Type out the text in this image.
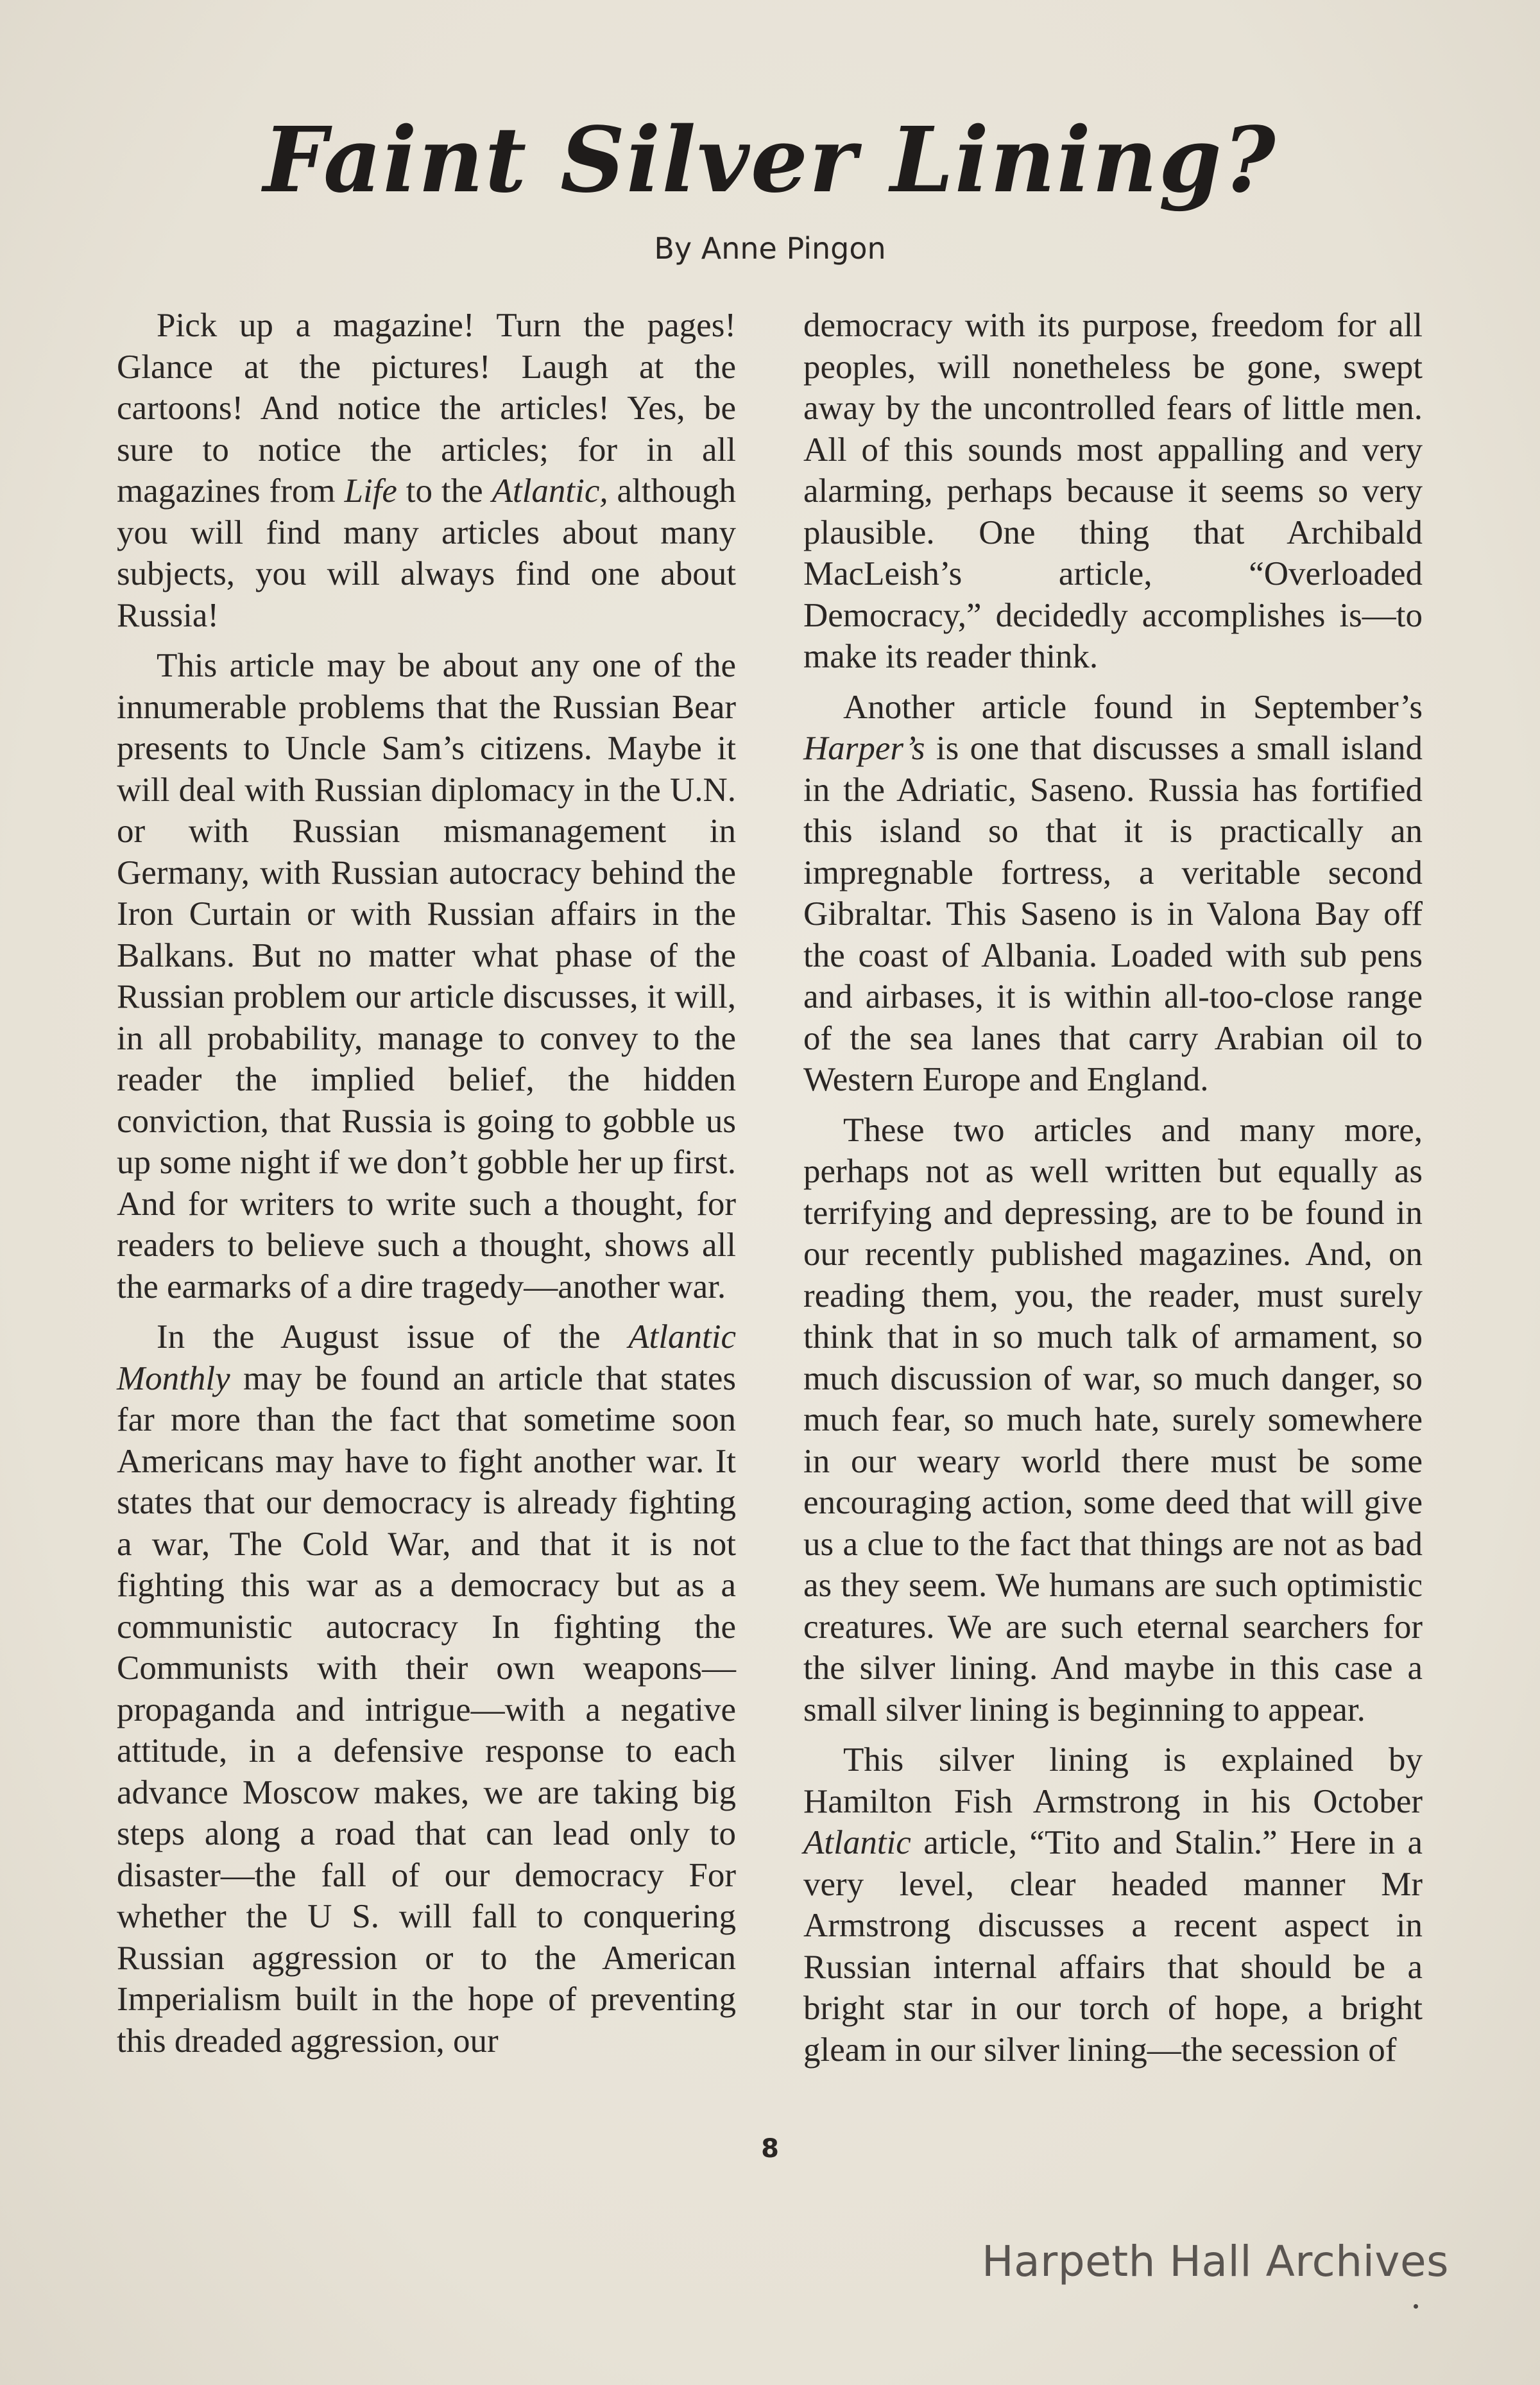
Faint Silver Lining?
By Anne Pingon

Pick up a magazine! Turn the pages! Glance at the pictures! Laugh at the cartoons! And notice the articles! Yes, be sure to notice the articles; for in all magazines from Life to the Atlantic, although you will find many articles about many subjects, you will always find one about Russia!

This article may be about any one of the innumerable problems that the Russian Bear presents to Uncle Sam’s citizens. Maybe it will deal with Russian diplomacy in the U.N. or with Russian mismanagement in Germany, with Russian autocracy behind the Iron Curtain or with Russian affairs in the Balkans. But no matter what phase of the Russian problem our article discusses, it will, in all probability, manage to convey to the reader the implied belief, the hidden conviction, that Russia is going to gobble us up some night if we don’t gobble her up first. And for writers to write such a thought, for readers to believe such a thought, shows all the earmarks of a dire tragedy—another war.

In the August issue of the Atlantic Monthly may be found an article that states far more than the fact that sometime soon Americans may have to fight another war. It states that our democracy is already fighting a war, The Cold War, and that it is not fighting this war as a democracy but as a communistic autocracy In fighting the Communists with their own weapons—propaganda and intrigue—with a negative attitude, in a defensive response to each advance Moscow makes, we are taking big steps along a road that can lead only to disaster—the fall of our democracy For whether the U S. will fall to conquering Russian aggression or to the American Imperialism built in the hope of preventing this dreaded aggression, our

democracy with its purpose, freedom for all peoples, will nonetheless be gone, swept away by the uncontrolled fears of little men. All of this sounds most appalling and very alarming, perhaps because it seems so very plausible. One thing that Archibald MacLeish’s article, “Overloaded Democracy,” decidedly accomplishes is—to make its reader think.

Another article found in September’s Harper’s is one that discusses a small island in the Adriatic, Saseno. Russia has fortified this island so that it is practically an impregnable fortress, a veritable second Gibraltar. This Saseno is in Valona Bay off the coast of Albania. Loaded with sub pens and airbases, it is within all-too-close range of the sea lanes that carry Arabian oil to Western Europe and England.

These two articles and many more, perhaps not as well written but equally as terrifying and depressing, are to be found in our recently published magazines. And, on reading them, you, the reader, must surely think that in so much talk of armament, so much discussion of war, so much danger, so much fear, so much hate, surely somewhere in our weary world there must be some encouraging action, some deed that will give us a clue to the fact that things are not as bad as they seem. We humans are such optimistic creatures. We are such eternal searchers for the silver lining. And maybe in this case a small silver lining is beginning to appear.

This silver lining is explained by Hamilton Fish Armstrong in his October Atlantic article, “Tito and Stalin.” Here in a very level, clear headed manner Mr Armstrong discusses a recent aspect in Russian internal affairs that should be a bright star in our torch of hope, a bright gleam in our silver lining—the secession of

8
Harpeth Hall Archives
